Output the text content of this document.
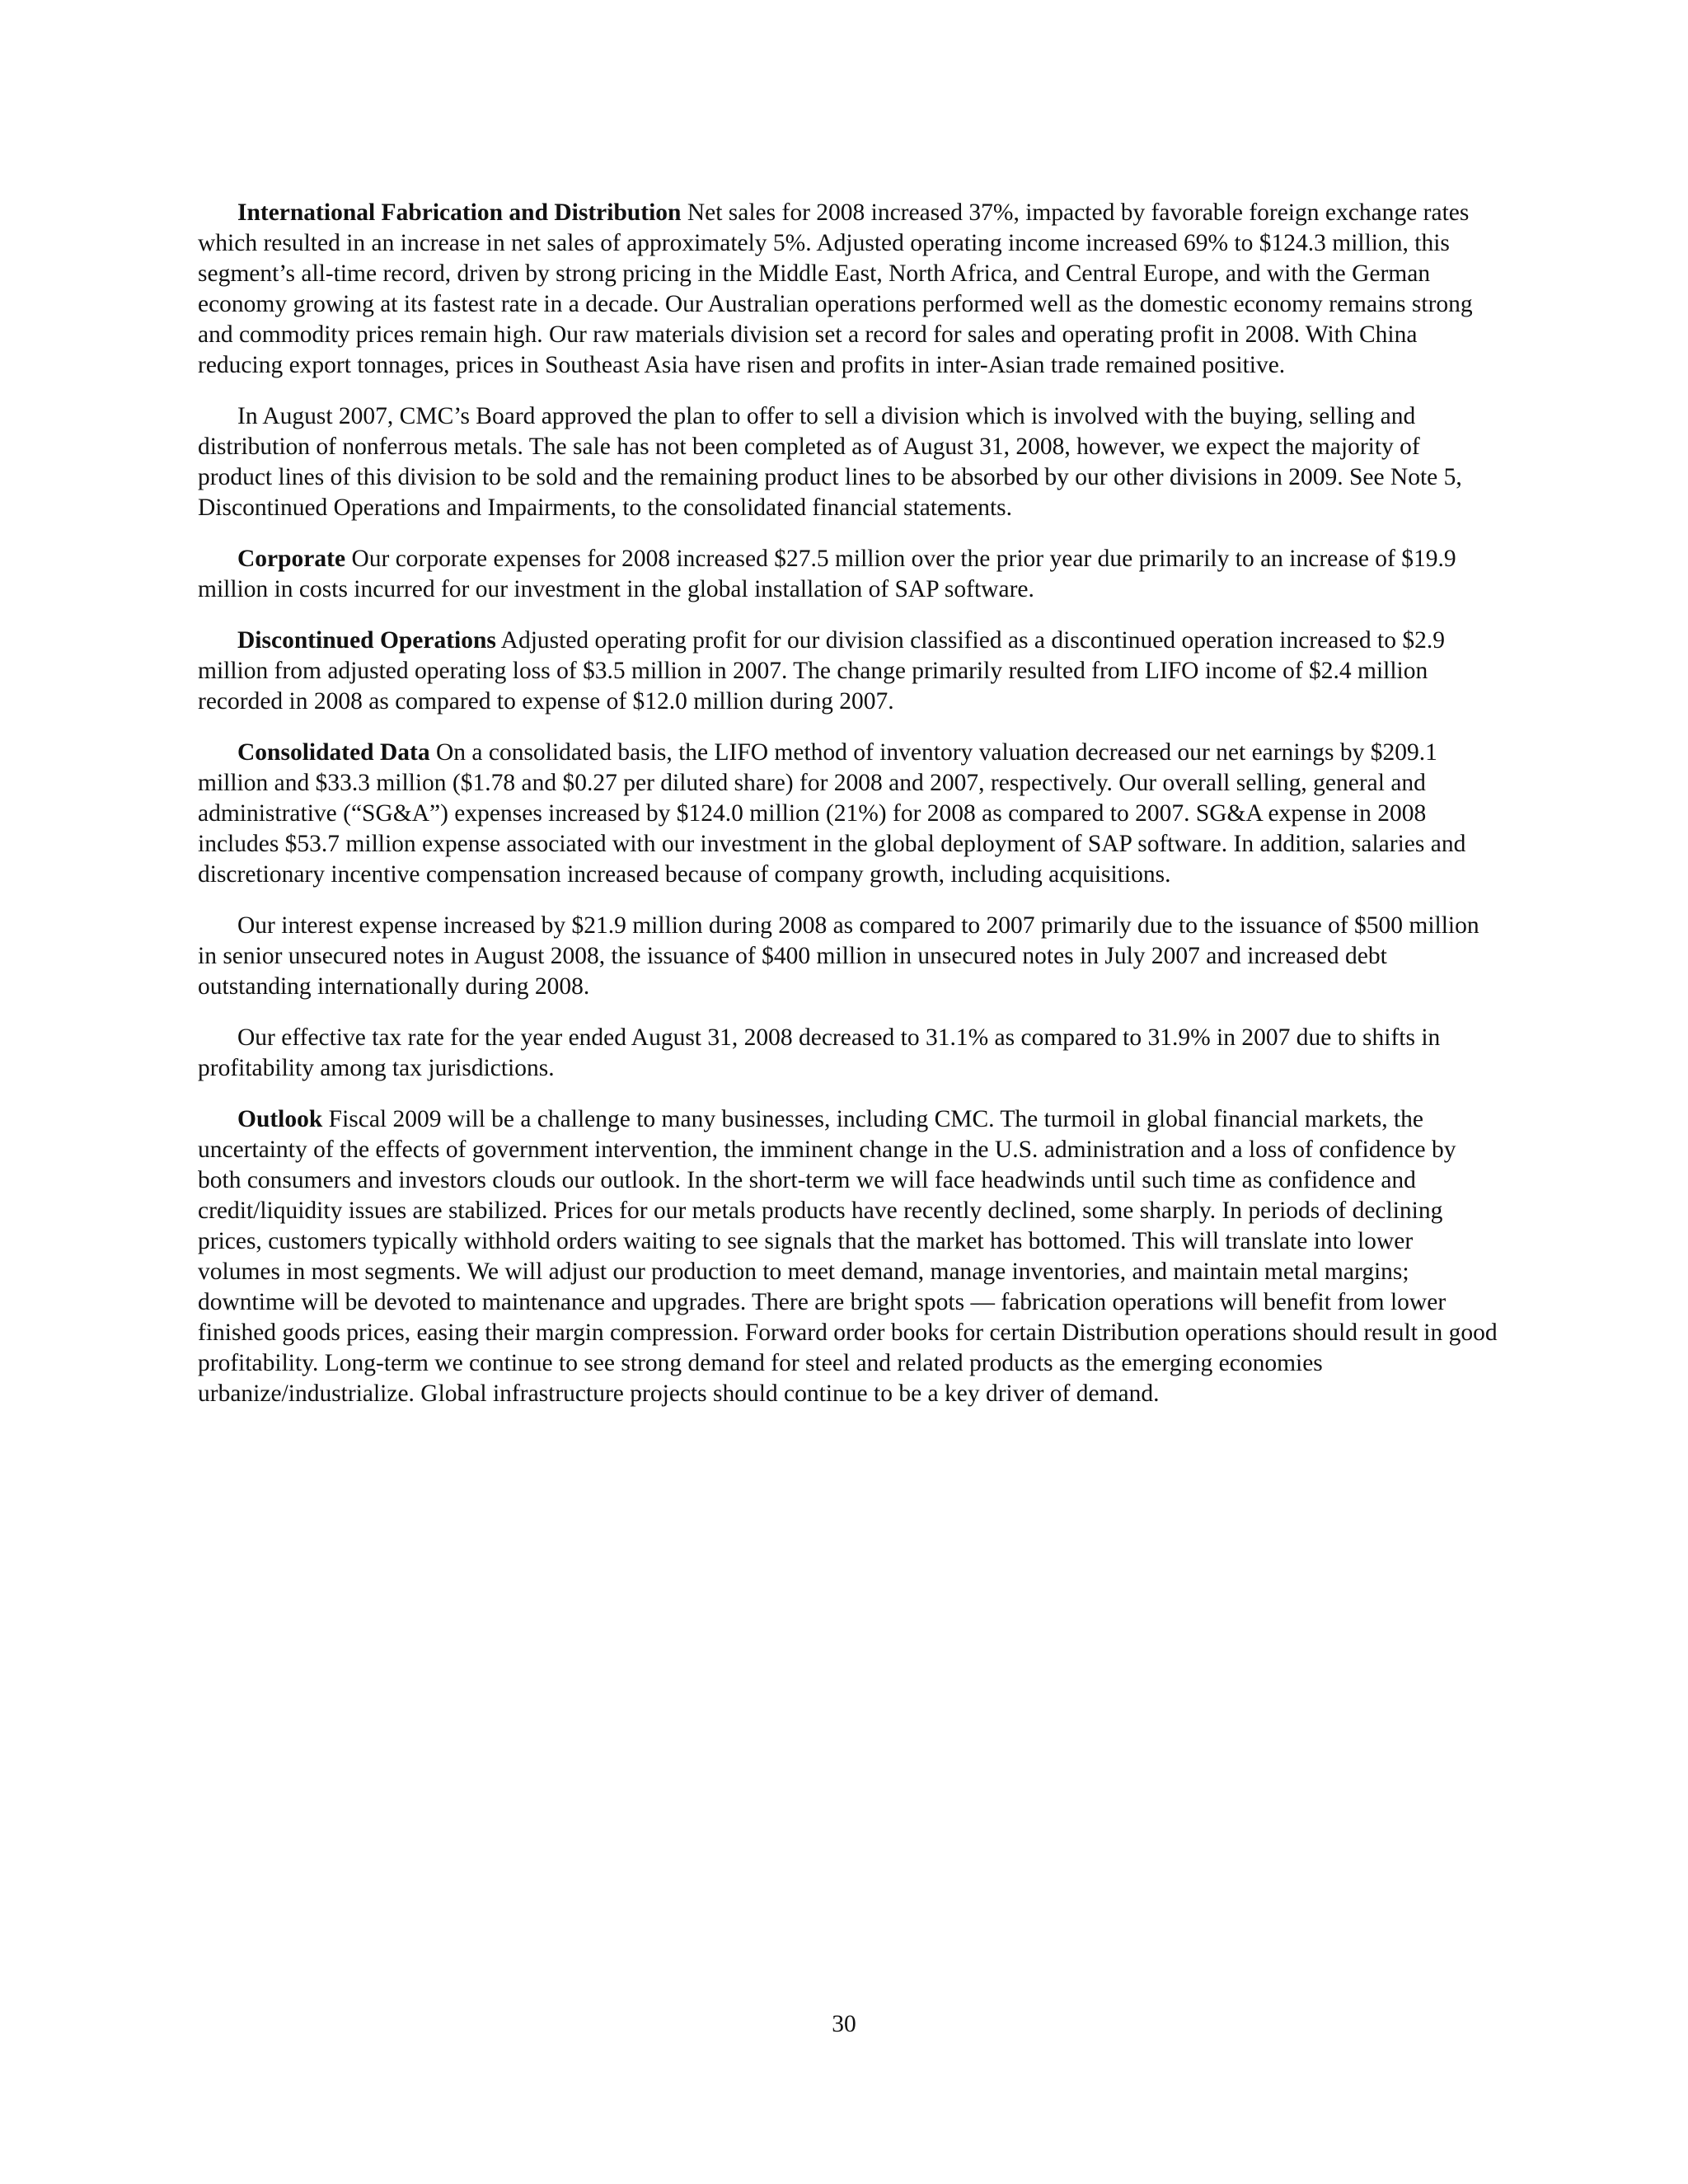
International Fabrication and Distribution Net sales for 2008 increased 37%, impacted by favorable foreign exchange rates which resulted in an increase in net sales of approximately 5%. Adjusted operating income increased 69% to $124.3 million, this segment’s all-time record, driven by strong pricing in the Middle East, North Africa, and Central Europe, and with the German economy growing at its fastest rate in a decade. Our Australian operations performed well as the domestic economy remains strong and commodity prices remain high. Our raw materials division set a record for sales and operating profit in 2008. With China reducing export tonnages, prices in Southeast Asia have risen and profits in inter-Asian trade remained positive.

In August 2007, CMC’s Board approved the plan to offer to sell a division which is involved with the buying, selling and distribution of nonferrous metals. The sale has not been completed as of August 31, 2008, however, we expect the majority of product lines of this division to be sold and the remaining product lines to be absorbed by our other divisions in 2009. See Note 5, Discontinued Operations and Impairments, to the consolidated financial statements.

Corporate Our corporate expenses for 2008 increased $27.5 million over the prior year due primarily to an increase of $19.9 million in costs incurred for our investment in the global installation of SAP software.

Discontinued Operations Adjusted operating profit for our division classified as a discontinued operation increased to $2.9 million from adjusted operating loss of $3.5 million in 2007. The change primarily resulted from LIFO income of $2.4 million recorded in 2008 as compared to expense of $12.0 million during 2007.

Consolidated Data On a consolidated basis, the LIFO method of inventory valuation decreased our net earnings by $209.1 million and $33.3 million ($1.78 and $0.27 per diluted share) for 2008 and 2007, respectively. Our overall selling, general and administrative (“SG&A”) expenses increased by $124.0 million (21%) for 2008 as compared to 2007. SG&A expense in 2008 includes $53.7 million expense associated with our investment in the global deployment of SAP software. In addition, salaries and discretionary incentive compensation increased because of company growth, including acquisitions.

Our interest expense increased by $21.9 million during 2008 as compared to 2007 primarily due to the issuance of $500 million in senior unsecured notes in August 2008, the issuance of $400 million in unsecured notes in July 2007 and increased debt outstanding internationally during 2008.

Our effective tax rate for the year ended August 31, 2008 decreased to 31.1% as compared to 31.9% in 2007 due to shifts in profitability among tax jurisdictions.

Outlook Fiscal 2009 will be a challenge to many businesses, including CMC. The turmoil in global financial markets, the uncertainty of the effects of government intervention, the imminent change in the U.S. administration and a loss of confidence by both consumers and investors clouds our outlook. In the short-term we will face headwinds until such time as confidence and credit/liquidity issues are stabilized. Prices for our metals products have recently declined, some sharply. In periods of declining prices, customers typically withhold orders waiting to see signals that the market has bottomed. This will translate into lower volumes in most segments. We will adjust our production to meet demand, manage inventories, and maintain metal margins; downtime will be devoted to maintenance and upgrades. There are bright spots — fabrication operations will benefit from lower finished goods prices, easing their margin compression. Forward order books for certain Distribution operations should result in good profitability. Long-term we continue to see strong demand for steel and related products as the emerging economies urbanize/industrialize. Global infrastructure projects should continue to be a key driver of demand.

30
